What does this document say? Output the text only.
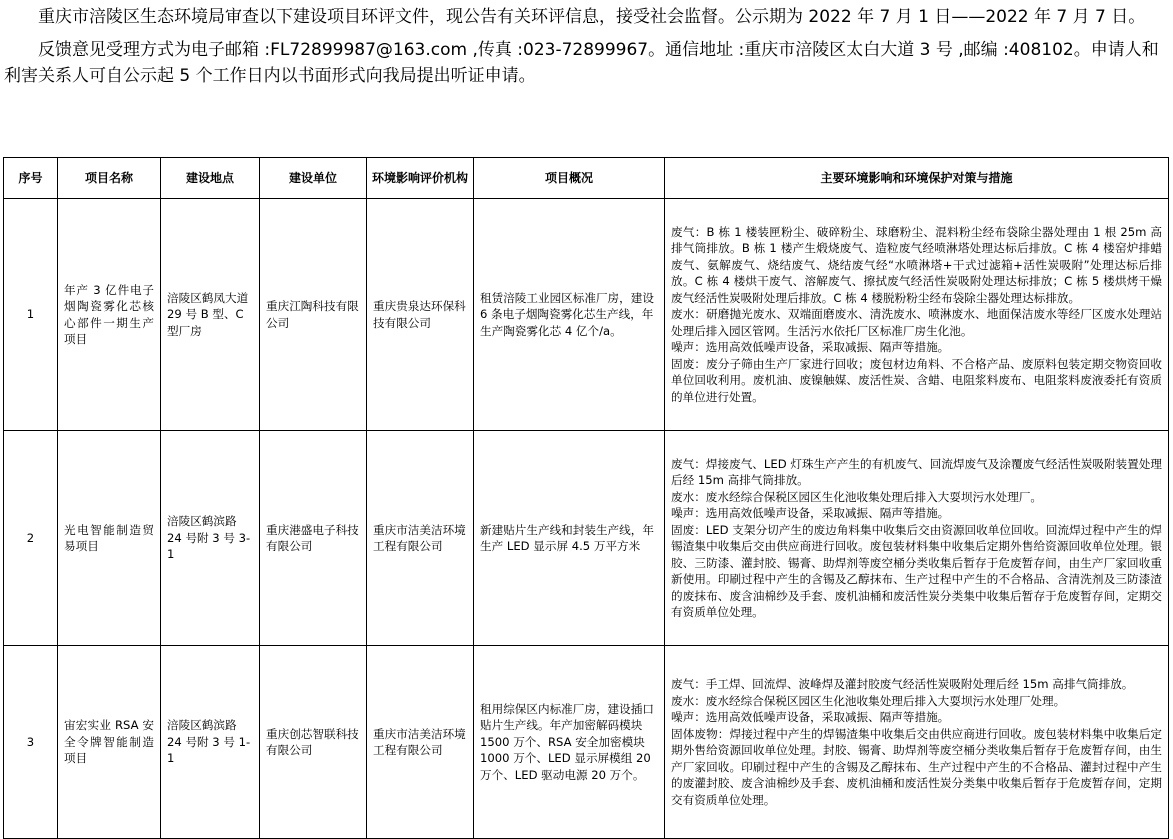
重庆市涪陵区生态环境局审查以下建设项目环评文件，现公告有关环评信息，接受社会监督。公示期为 2022 年 7 月 1 日——2022 年 7 月 7 日。

反馈意见受理方式为电子邮箱 :FL72899987@163.com ,传真 :023-72899967。通信地址 :重庆市涪陵区太白大道 3 号 ,邮编 :408102。申请人和利害关系人可自公示起 5 个工作日内以书面形式向我局提出听证申请。

序号	项目名称	建设地点	建设单位	环境影响评价机构	项目概况	主要环境影响和环境保护对策与措施
1	年产 3 亿件电子烟陶瓷雾化芯核心部件一期生产项目	涪陵区鹤凤大道 29 号 B 型、C 型厂房	重庆江陶科技有限公司	重庆贵泉达环保科技有限公司	租赁涪陵工业园区标准厂房，建设 6 条电子烟陶瓷雾化芯生产线，年生产陶瓷雾化芯 4 亿个/a。	废气：B 栋 1 楼装匣粉尘、破碎粉尘、球磨粉尘、混料粉尘经布袋除尘器处理由 1 根 25m 高排气筒排放。B 栋 1 楼产生煅烧废气、造粒废气经喷淋塔处理达标后排放。C 栋 4 楼窑炉排蜡废气、氨解废气、烧结废气、烧结废气经“水喷淋塔+干式过滤箱+活性炭吸附”处理达标后排放。C 栋 4 楼烘干废气、溶解废气、擦拭废气经活性炭吸附处理达标排放；C 栋 5 楼烘烤干燥废气经活性炭吸附处理后排放。C 栋 4 楼脱粉粉尘经布袋除尘器处理达标排放。

废水：研磨抛光废水、双端面磨废水、清洗废水、喷淋废水、地面保洁废水等经厂区废水处理站处理后排入园区管网。生活污水依托厂区标准厂房生化池。

噪声：选用高效低噪声设备，采取减振、隔声等措施。

固废：废分子筛由生产厂家进行回收；废包材边角料、不合格产品、废原料包装定期交物资回收单位回收利用。废机油、废镍触媒、废活性炭、含蜡、电阻浆料废布、电阻浆料废液委托有资质的单位进行处置。

2	光电智能制造贸易项目	涪陵区鹤滨路 24 号附 3 号 3-1	重庆港盛电子科技有限公司	重庆市洁美洁环境工程有限公司	新建贴片生产线和封装生产线，年生产 LED 显示屏 4.5 万平方米	废气：焊接废气、LED 灯珠生产产生的有机废气、回流焊废气及涂覆废气经活性炭吸附装置处理后经 15m 高排气筒排放。

废水：废水经综合保税区园区生化池收集处理后排入大耍坝污水处理厂。

噪声：选用高效低噪声设备，采取减振、隔声等措施。

固废：LED 支架分切产生的废边角料集中收集后交由资源回收单位回收。回流焊过程中产生的焊锡渣集中收集后交由供应商进行回收。废包装材料集中收集后定期外售给资源回收单位处理。银胶、三防漆、灌封胶、锡膏、助焊剂等废空桶分类收集后暂存于危废暂存间，由生产厂家回收重新使用。印刷过程中产生的含锡及乙醇抹布、生产过程中产生的不合格品、含清洗剂及三防漆渣的废抹布、废含油棉纱及手套、废机油桶和废活性炭分类集中收集后暂存于危废暂存间，定期交有资质单位处理。

3	宙宏实业 RSA 安全令牌智能制造项目	涪陵区鹤滨路 24 号附 3 号 1-1	重庆创芯智联科技有限公司	重庆市洁美洁环境工程有限公司	租用综保区内标准厂房，建设插口贴片生产线。年产加密解码模块 1500 万个、RSA 安全加密模块 1000 万个、LED 显示屏模组 20 万个、LED 驱动电源 20 万个。	废气：手工焊、回流焊、波峰焊及灌封胶废气经活性炭吸附处理后经 15m 高排气筒排放。

废水：废水经综合保税区园区生化池收集处理后排入大耍坝污水处理厂处理。

噪声：选用高效低噪声设备，采取减振、隔声等措施。

固体废物：焊接过程中产生的焊锡渣集中收集后交由供应商进行回收。废包装材料集中收集后定期外售给资源回收单位处理。封胶、锡膏、助焊剂等废空桶分类收集后暂存于危废暂存间，由生产厂家回收。印刷过程中产生的含锡及乙醇抹布、生产过程中产生的不合格品、灌封过程中产生的废灌封胶、废含油棉纱及手套、废机油桶和废活性炭分类集中收集后暂存于危废暂存间，定期交有资质单位处理。
